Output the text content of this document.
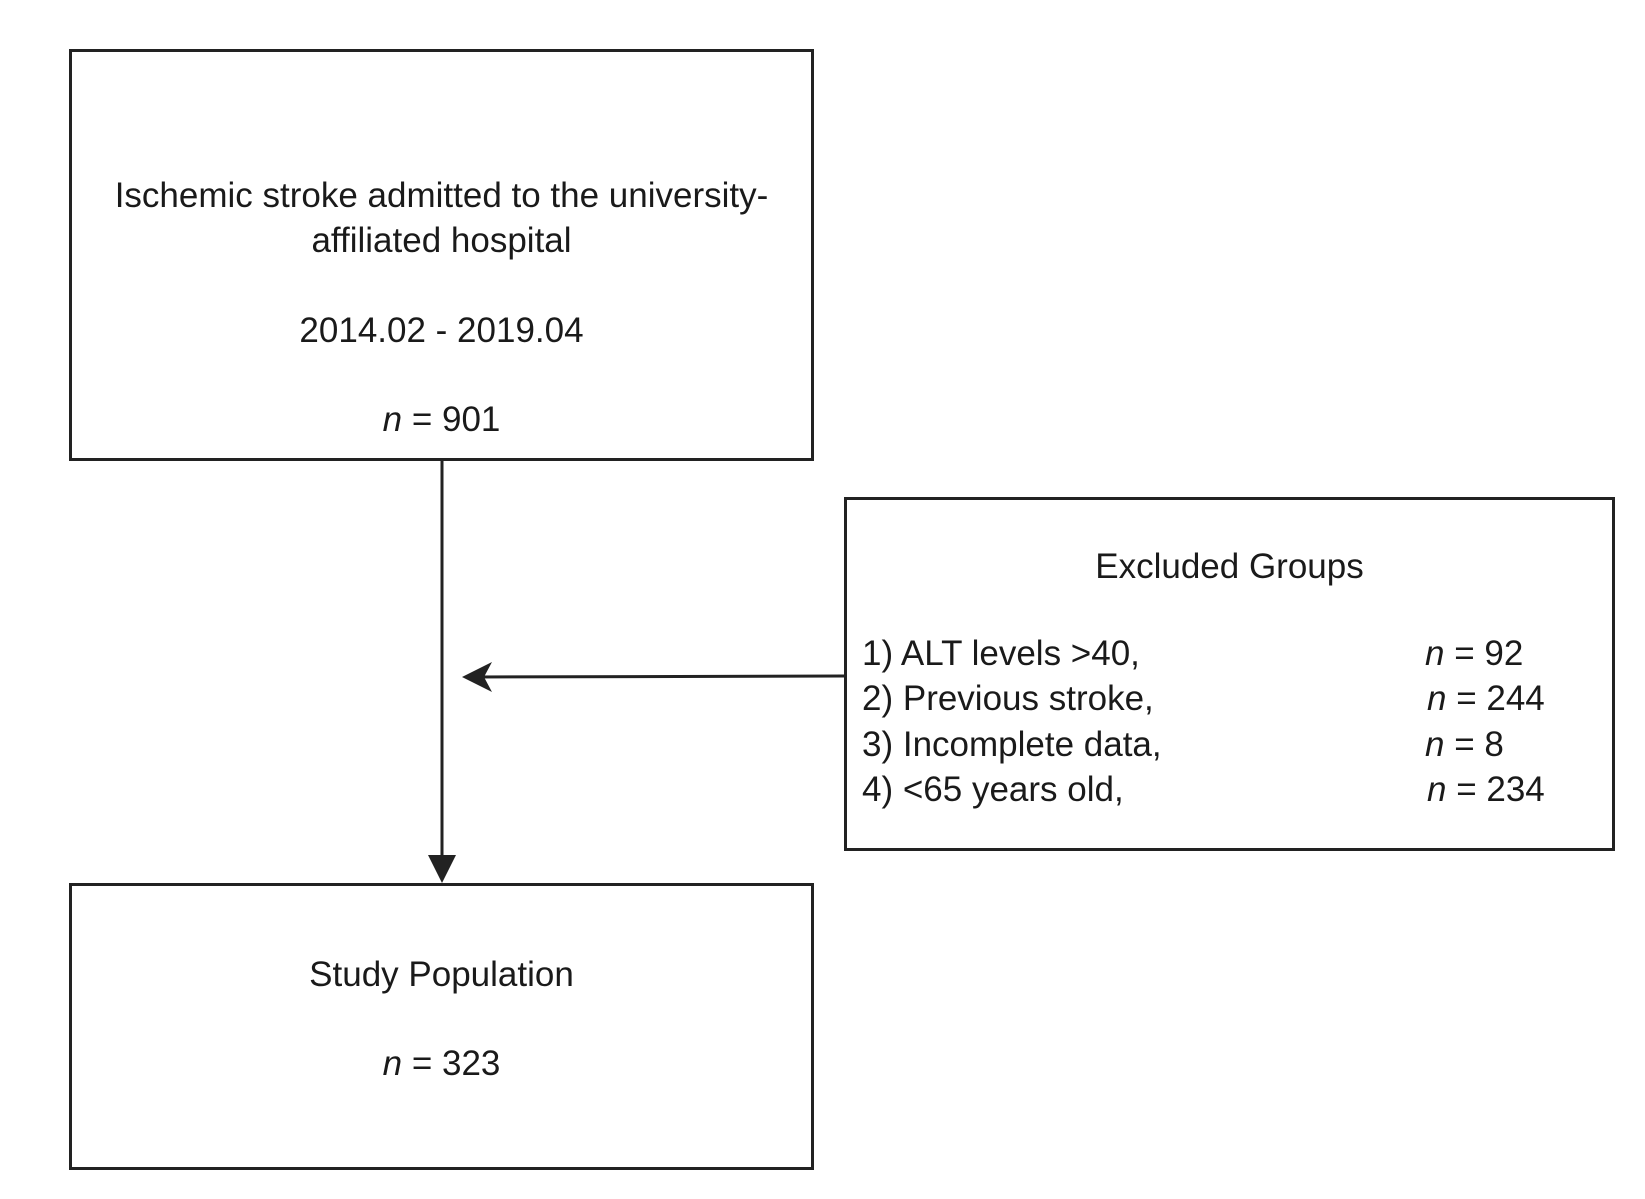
Ischemic stroke admitted to the university-
affiliated hospital
2014.02 - 2019.04
n = 901
Excluded Groups
1) ALT levels >40,	n = 92
2) Previous stroke,	n = 244
3) Incomplete data,	n = 8
4) <65 years old,	n = 234
Study Population
n = 323
